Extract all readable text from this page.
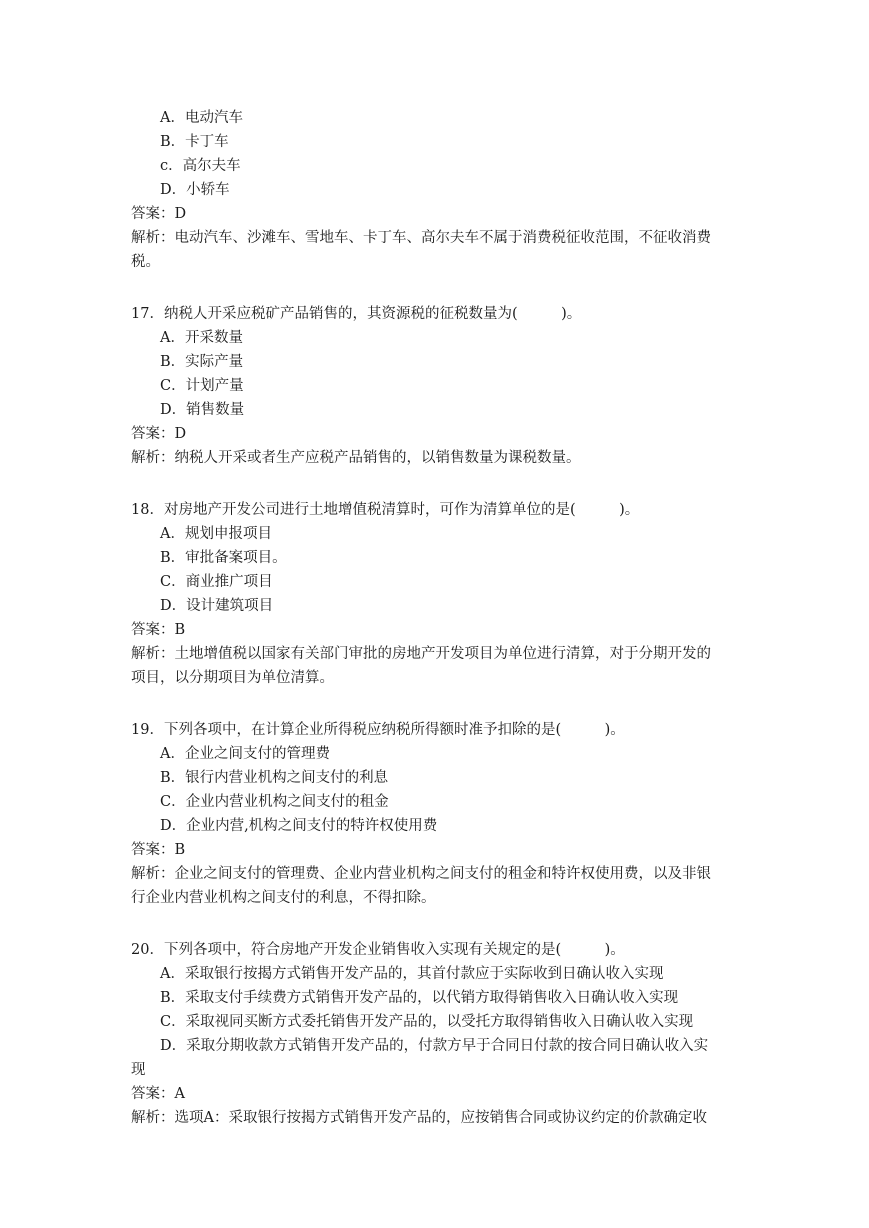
A．电动汽车
B．卡丁车
c．高尔夫车
D．小轿车
答案：D
解析：电动汽车、沙滩车、雪地车、卡丁车、高尔夫车不属于消费税征收范围，不征收消费
税。
17．纳税人开采应税矿产品销售的，其资源税的征税数量为(　　　)。
A．开采数量
B．实际产量
C．计划产量
D．销售数量
答案：D
解析：纳税人开采或者生产应税产品销售的，以销售数量为课税数量。
18．对房地产开发公司进行土地增值税清算时，可作为清算单位的是(　　　)。
A．规划申报项目
B．审批备案项目。
C．商业推广项目
D．设计建筑项目
答案：B
解析：土地增值税以国家有关部门审批的房地产开发项目为单位进行清算，对于分期开发的
项目，以分期项目为单位清算。
19．下列各项中，在计算企业所得税应纳税所得额时准予扣除的是(　　　)。
A．企业之间支付的管理费
B．银行内营业机构之间支付的利息
C．企业内营业机构之间支付的租金
D．企业内营,机构之间支付的特许权使用费
答案：B
解析：企业之间支付的管理费、企业内营业机构之间支付的租金和特许权使用费，以及非银
行企业内营业机构之间支付的利息，不得扣除。
20．下列各项中，符合房地产开发企业销售收入实现有关规定的是(　　　)。
A．采取银行按揭方式销售开发产品的，其首付款应于实际收到日确认收入实现
B．采取支付手续费方式销售开发产品的，以代销方取得销售收入日确认收入实现
C．采取视同买断方式委托销售开发产品的，以受托方取得销售收入日确认收入实现
D．采取分期收款方式销售开发产品的，付款方早于合同日付款的按合同日确认收入实
现
答案：A
解析：选项A：采取银行按揭方式销售开发产品的，应按销售合同或协议约定的价款确定收
